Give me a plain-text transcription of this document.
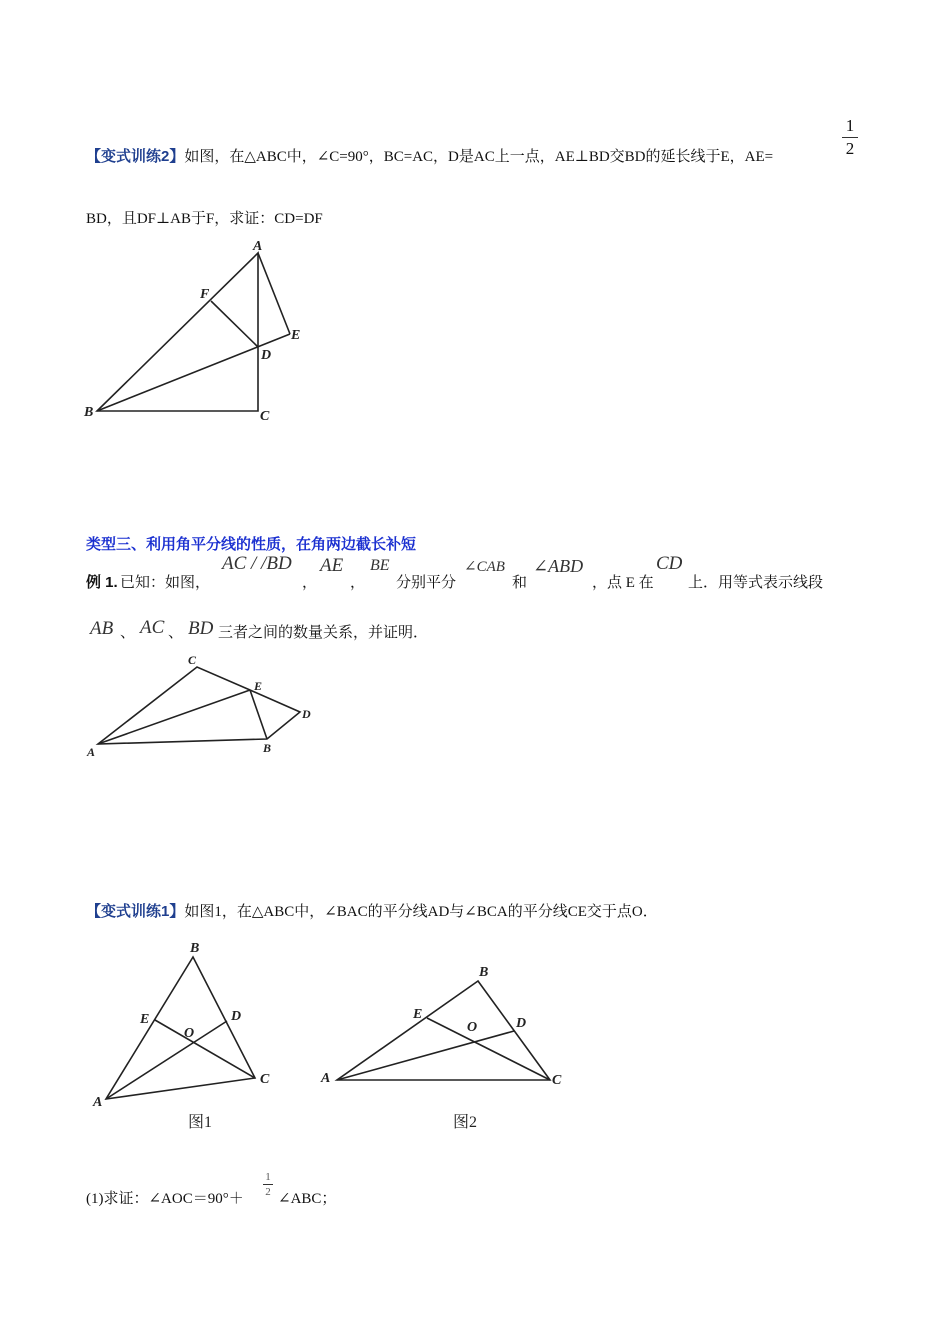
【变式训练2】如图，在△ABC中，∠C=90°，BC=AC，D是AC上一点，AE⊥BD交BD的延长线于E，AE=
1
2
BD，且DF⊥AB于F，求证：CD=DF
A
B	C
D
E
F
类型三、利用角平分线的性质，在角两边截长补短
例 1. 已知：如图，
AC / /BD
，
AE
，
BE
分别平分
∠CAB
和
∠ABD
，点 E 在
CD
上．用等式表示线段
AB 、 AC 、 BD 三者之间的数量关系，并证明．
A	B
C
D
E
【变式训练1】如图1，在△ABC中，∠BAC的平分线AD与∠BCA的平分线CE交于点O．
B
A
C
D
E
O
图1
B
A	C
D
E
O
图2
(1)求证：∠AOC＝90°＋
1
2 ∠ABC；
